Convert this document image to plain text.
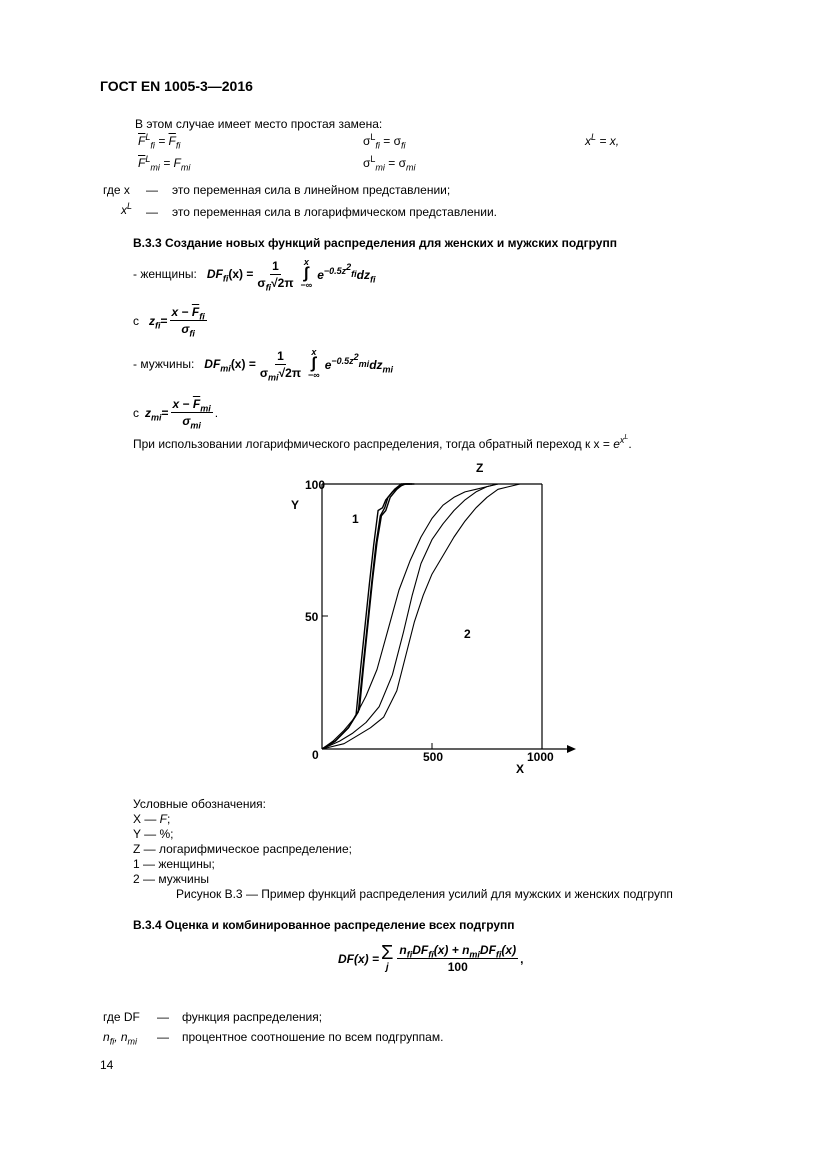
ГОСТ EN 1005-3—2016
В этом случае имеет место простая замена:
$\overline{F}^L_{fi} = \overline{F}_{fi}$
$\overline{F}^L_{mi} = F_{mi}$
$\sigma^L_{fi} = \sigma_{fi}$
$\sigma^L_{mi} = \sigma_{mi}$
$x^L = x$,
где x — это переменная сила в линейном представлении;
$x^L$ — это переменная сила в логарифмическом представлении.
В.3.3 Создание новых функций распределения для женских и мужских подгрупп
- женщины: $DF_{fi}$ $(x) = \frac{1}{\sigma_{fi}√2\pi}$ x
∫
−∞
$e^{-0.5z^2_{fi}}dz_{fi}$
с $z_{fi} = \frac{x - \overline{F}_{fi}}{\sigma_{fi}}$
- мужчины: $DF_{mi}$ $(x) = \frac{1}{\sigma_{mi}√2\pi}$ x
∫
−∞
$e^{-0.5z^2_{mi}}dz_{mi}$
с $z_{mi} = \frac{x - \overline{F}_{mi}}{\sigma_{mi}}$ .
При использовании логарифмического распределения, тогда обратный переход к $x = e^{x^L}$.
100
Y
50
0	500	1000
X
Z
1
2
Условные обозначения:
X — F;
Y — %;
Z — логарифмическое распределение;
1 — женщины;
2 — мужчины
Рисунок В.3 — Пример функций распределения усилий для мужских и женских подгрупп
В.3.4 Оценка и комбинированное распределение всех подгрупп
DF(x) = Σ
j $\frac{n_{fi}DF_{fi}(x) + n_{mi}DF_{fi}(x)}{100}$ ,
где DF — функция распределения;
$n_{fi}$, $n_{mi}$ — процентное соотношение по всем подгруппам.
14
